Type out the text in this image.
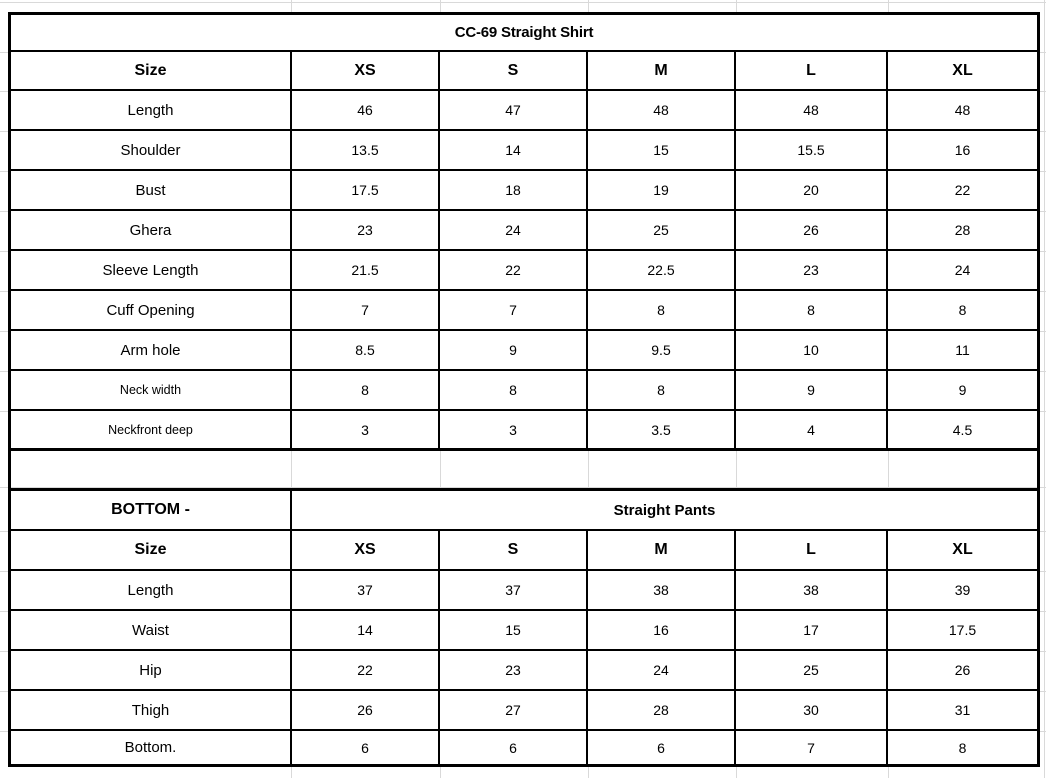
CC-69 Straight Shirt
Size	XS	S	M	L	XL
Length	46	47	48	48	48
Shoulder	13.5	14	15	15.5	16
Bust	17.5	18	19	20	22
Ghera	23	24	25	26	28
Sleeve Length	21.5	22	22.5	23	24
Cuff Opening	7	7	8	8	8
Arm hole	8.5	9	9.5	10	11
Neck width	8	8	8	9	9
Neckfront deep	3	3	3.5	4	4.5
BOTTOM -	Straight Pants
Size	XS	S	M	L	XL
Length	37	37	38	38	39
Waist	14	15	16	17	17.5
Hip	22	23	24	25	26
Thigh	26	27	28	30	31
Bottom.	6	6	6	7	8
